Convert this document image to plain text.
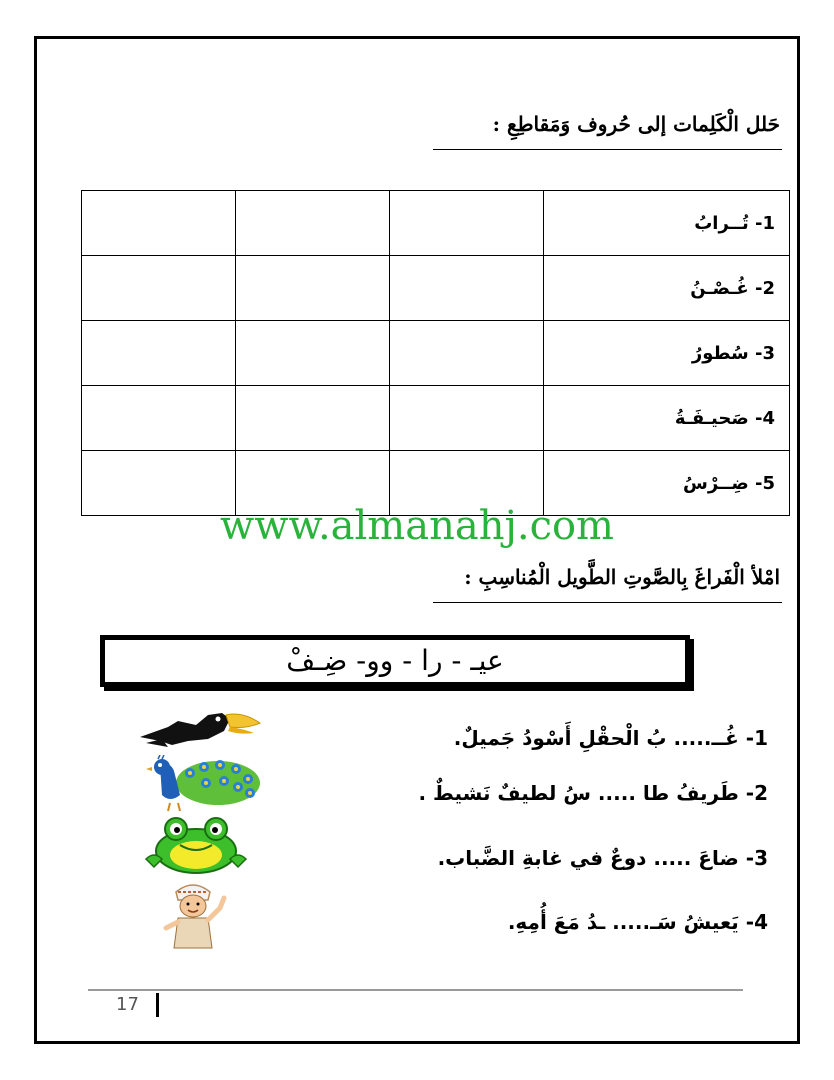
حَلل الْكَلِمات إلى حُروف وَمَقاطِعِ :
1- تُــرابُ			
2- غُـصْـنُ			
3- سُطورُ			
4- صَحيـفَـةُ			
5- ضِــرْسُ			
www.almanahj.com
امْلأ الْفَراغَ بِالصَّوتِ الطَّويل الْمُناسِبِ :
عيـ - را - وو- ضِـفْ
1- غُــ..... بُ الْحقْلِ أَسْودُ جَميلٌ.
2- طَريفُ طا ..... سُ لطيفٌ نَشيطٌ .
3- ضاعَ ..... دوعٌ في غابةِ الضَّباب.
4- يَعيشُ سَـ..... ـدُ مَعَ أُمِهِ.
17
